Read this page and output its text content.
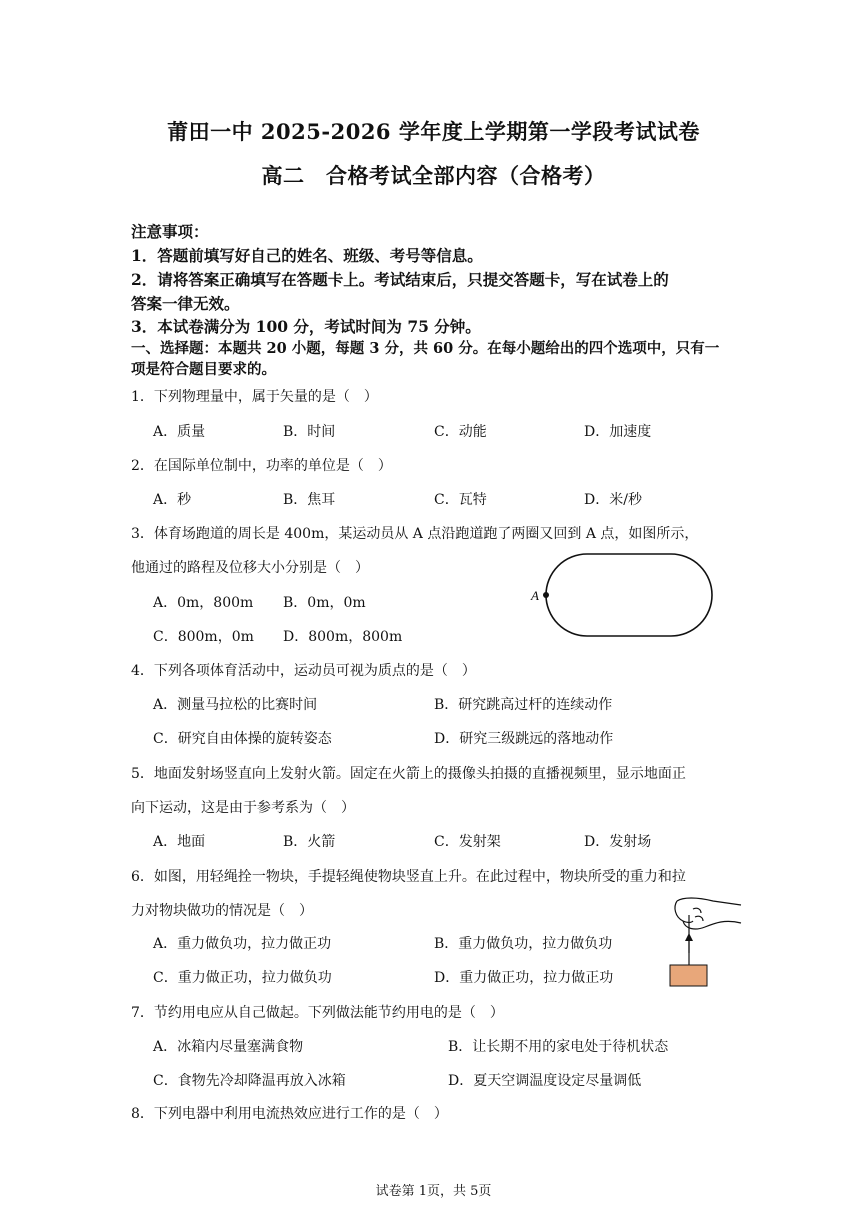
莆田一中 2025-2026 学年度上学期第一学段考试试卷
高二　合格考试全部内容（合格考）
注意事项：
1．答题前填写好自己的姓名、班级、考号等信息。
2．请将答案正确填写在答题卡上。考试结束后，只提交答题卡，写在试卷上的
答案一律无效。
3．本试卷满分为 100 分，考试时间为 75 分钟。
一、选择题：本题共 20 小题，每题 3 分，共 60 分。在每小题给出的四个选项中，只有一
项是符合题目要求的。
1．下列物理量中，属于矢量的是（　）
A．质量	B．时间	C．动能	D．加速度
2．在国际单位制中，功率的单位是（　）
A．秒	B．焦耳	C．瓦特	D．米/秒
3．体育场跑道的周长是 400m，某运动员从 A 点沿跑道跑了两圈又回到 A 点，如图所示，
他通过的路程及位移大小分别是（　）
A．0m，800m B．0m，0m
C．800m，0m D．800m，800m
A
4．下列各项体育活动中，运动员可视为质点的是（　）
A．测量马拉松的比赛时间	B．研究跳高过杆的连续动作
C．研究自由体操的旋转姿态	D．研究三级跳远的落地动作
5．地面发射场竖直向上发射火箭。固定在火箭上的摄像头拍摄的直播视频里，显示地面正
向下运动，这是由于参考系为（　）
A．地面	B．火箭	C．发射架	D．发射场
6．如图，用轻绳拴一物块，手提轻绳使物块竖直上升。在此过程中，物块所受的重力和拉
力对物块做功的情况是（　）
A．重力做负功，拉力做正功	B．重力做负功，拉力做负功
C．重力做正功，拉力做负功	D．重力做正功，拉力做正功
7．节约用电应从自己做起。下列做法能节约用电的是（　）
A．冰箱内尽量塞满食物	B．让长期不用的家电处于待机状态
C．食物先冷却降温再放入冰箱	D．夏天空调温度设定尽量调低
8．下列电器中利用电流热效应进行工作的是（　）
试卷第 1页，共 5页
